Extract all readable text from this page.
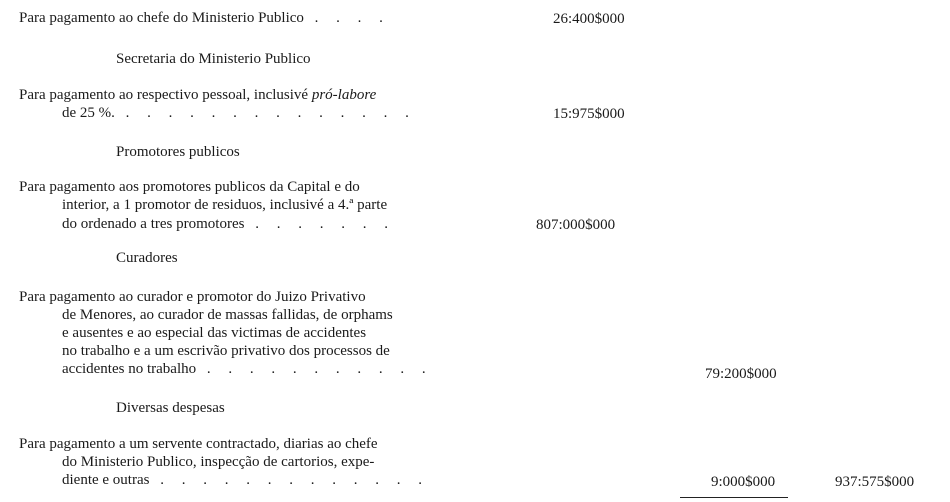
Para pagamento ao chefe do Ministerio Publico . . . .	26:400$000
Secretaria do Ministerio Publico
Para pagamento ao respectivo pessoal, inclusivé pró-labore
de 25 %. . . . . . . . . . . . . . .	15:975$000
Promotores publicos
Para pagamento aos promotores publicos da Capital e do
interior, a 1 promotor de residuos, inclusivé a 4.ª parte
do ordenado a tres promotores . . . . . . .	807:000$000
Curadores
Para pagamento ao curador e promotor do Juizo Privativo
de Menores, ao curador de massas fallidas, de orphams
e ausentes e ao especial das victimas de accidentes
no trabalho e a um escrivão privativo dos processos de
accidentes no trabalho . . . . . . . . . . .	79:200$000
Diversas despesas
Para pagamento a um servente contractado, diarias ao chefe
do Ministerio Publico, inspecção de cartorios, expe-
diente e outras . . . . . . . . . . . . .	9:000$000	937:575$000
